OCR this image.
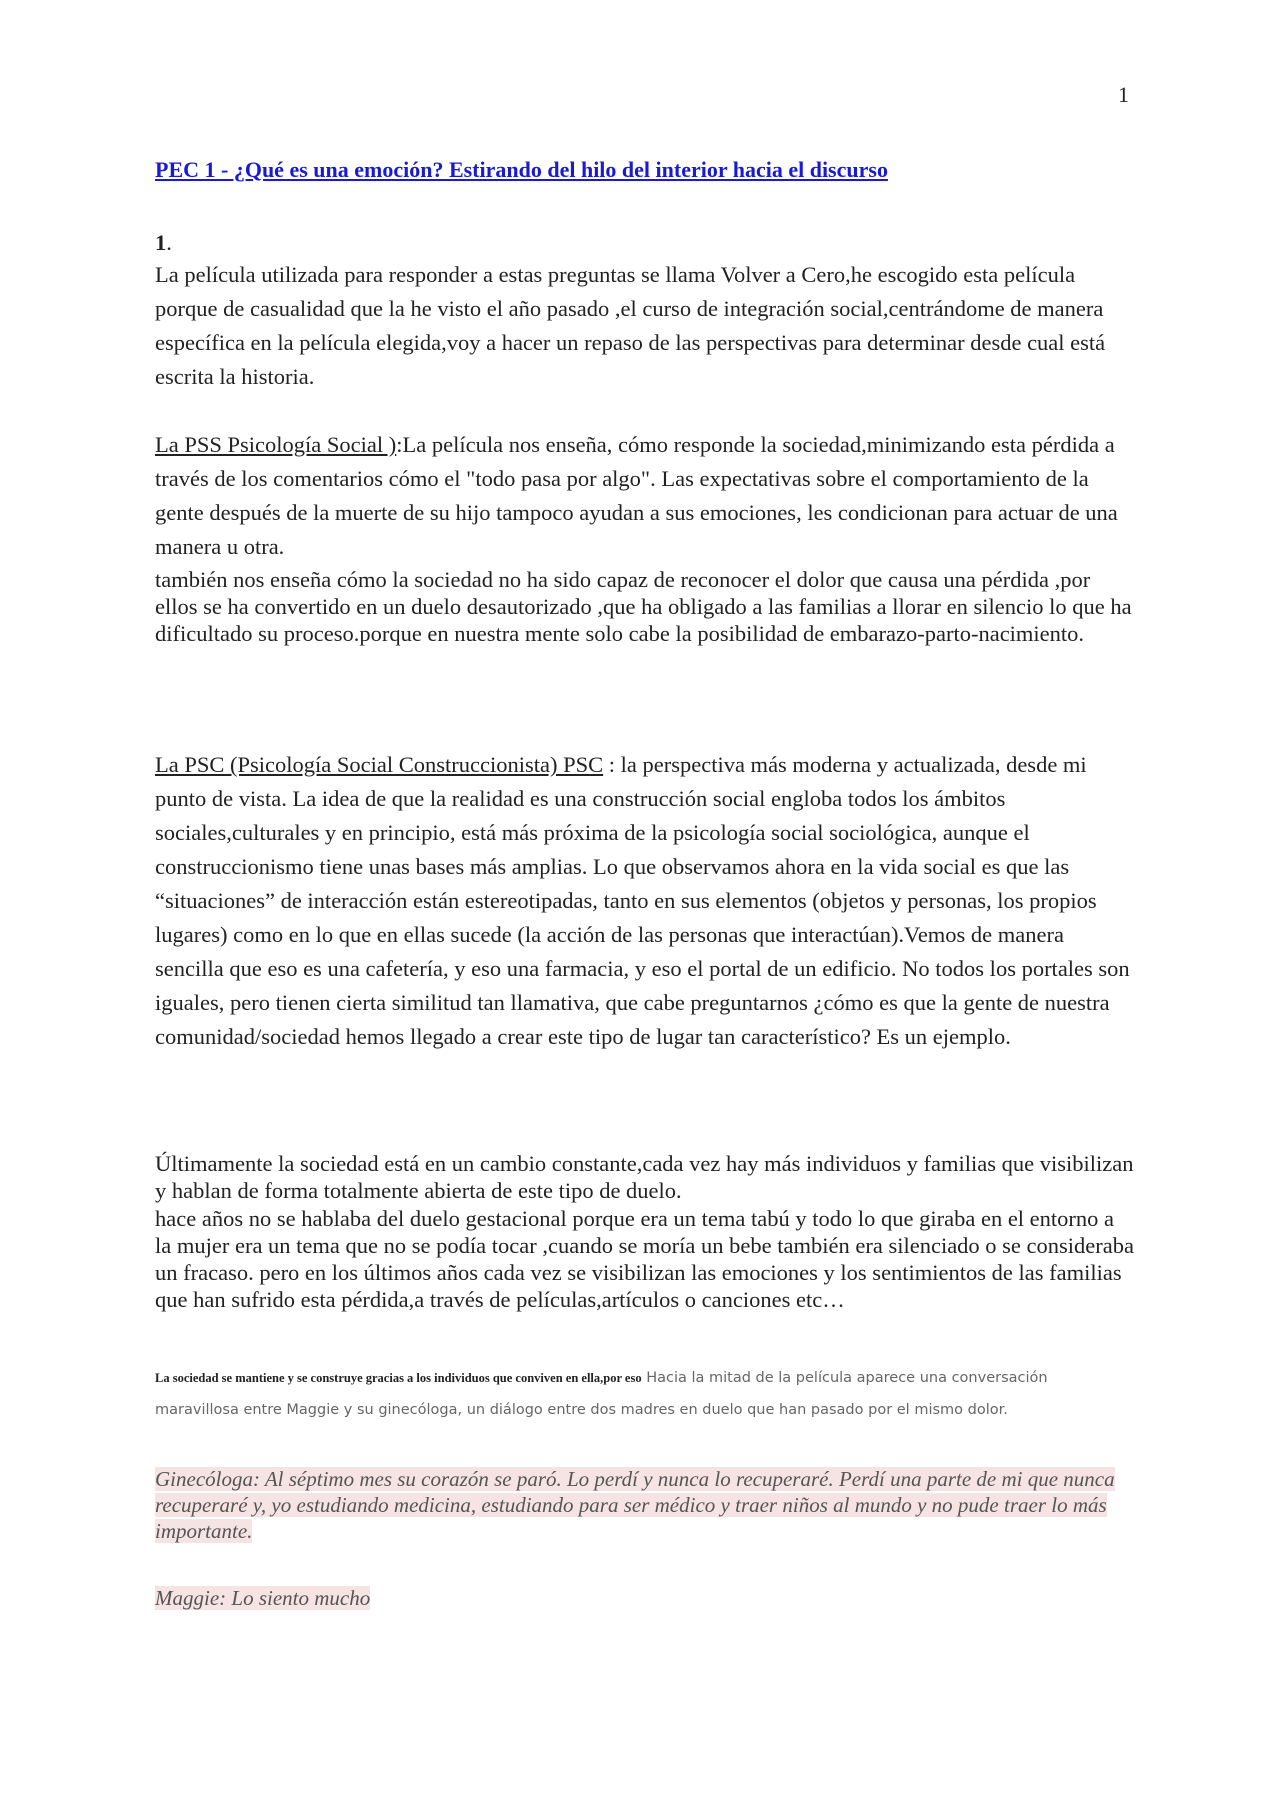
1
PEC 1 - ¿Qué es una emoción? Estirando del hilo del interior hacia el discurso
1.
La película utilizada para responder a estas preguntas se llama Volver a Cero,he escogido esta película porque de casualidad que la he visto el año pasado ,el curso de integración social,centrándome de manera específica en la película elegida,voy a hacer un repaso de las perspectivas para determinar desde cual está escrita la historia.
La PSS Psicología Social ):La película nos enseña, cómo responde la sociedad,minimizando esta pérdida a través de los comentarios cómo el "todo pasa por algo". Las expectativas sobre el comportamiento de la gente después de la muerte de su hijo tampoco ayudan a sus emociones, les condicionan para actuar de una manera u otra.
también nos enseña cómo la sociedad no ha sido capaz de reconocer el dolor que causa una pérdida ,por ellos se ha convertido en un duelo desautorizado ,que ha obligado a las familias a llorar en silencio lo que ha dificultado su proceso.porque en nuestra mente solo cabe la posibilidad de embarazo-parto-nacimiento.
La PSC (Psicología Social Construccionista) PSC : la perspectiva más moderna y actualizada, desde mi punto de vista. La idea de que la realidad es una construcción social engloba todos los ámbitos sociales,culturales y en principio, está más próxima de la psicología social sociológica, aunque el construccionismo tiene unas bases más amplias. Lo que observamos ahora en la vida social es que las “situaciones” de interacción están estereotipadas, tanto en sus elementos (objetos y personas, los propios lugares) como en lo que en ellas sucede (la acción de las personas que interactúan).Vemos de manera sencilla que eso es una cafetería, y eso una farmacia, y eso el portal de un edificio. No todos los portales son iguales, pero tienen cierta similitud tan llamativa, que cabe preguntarnos ¿cómo es que la gente de nuestra comunidad/sociedad hemos llegado a crear este tipo de lugar tan característico? Es un ejemplo.
Últimamente la sociedad está en un cambio constante,cada vez hay más individuos y familias que visibilizan y hablan de forma totalmente abierta de este tipo de duelo.
hace años no se hablaba del duelo gestacional porque era un tema tabú y todo lo que giraba en el entorno a la mujer era un tema que no se podía tocar ,cuando se moría un bebe también era silenciado o se consideraba un fracaso. pero en los últimos años cada vez se visibilizan las emociones y los sentimientos de las familias que han sufrido esta pérdida,a través de películas,artículos o canciones etc…
La sociedad se mantiene y se construye gracias a los individuos que conviven en ella,por eso Hacia la mitad de la película aparece una conversación maravillosa entre Maggie y su ginecóloga, un diálogo entre dos madres en duelo que han pasado por el mismo dolor.
Ginecóloga: Al séptimo mes su corazón se paró. Lo perdí y nunca lo recuperaré. Perdí una parte de mi que nunca recuperaré y, yo estudiando medicina, estudiando para ser médico y traer niños al mundo y no pude traer lo más importante.
Maggie: Lo siento mucho
